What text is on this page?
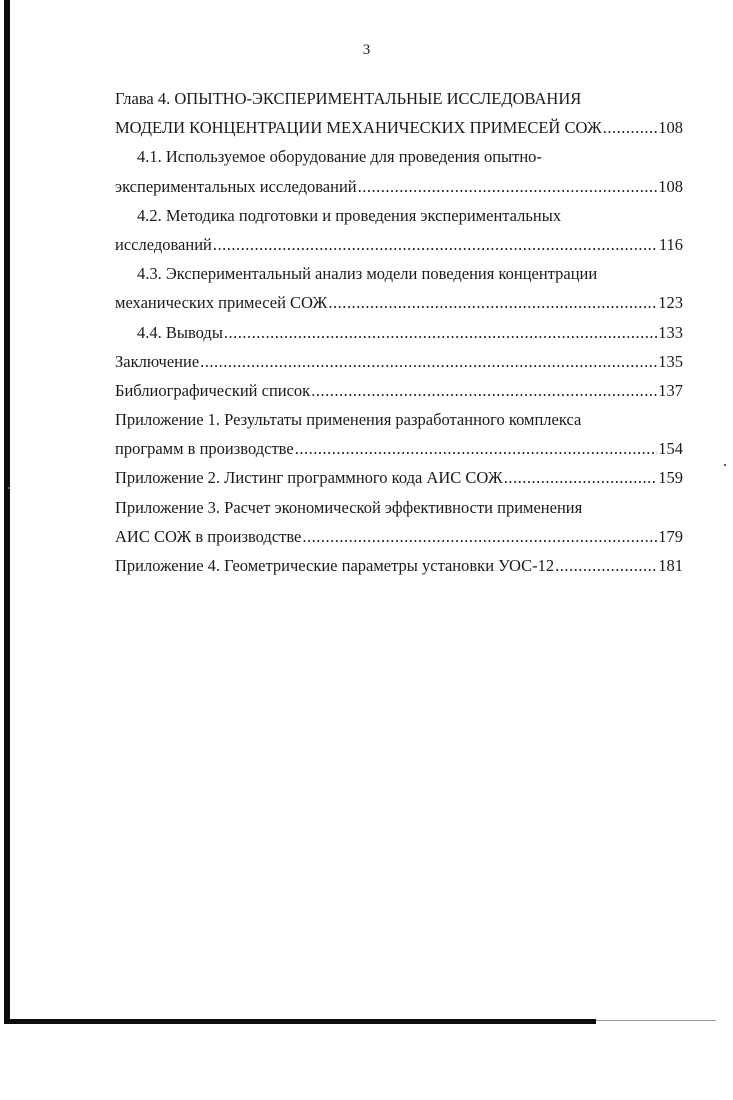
3
Глава 4. ОПЫТНО-ЭКСПЕРИМЕНТАЛЬНЫЕ ИССЛЕДОВАНИЯ
МОДЕЛИ КОНЦЕНТРАЦИИ МЕХАНИЧЕСКИХ ПРИМЕСЕЙ СОЖ .....	108
4.1. Используемое оборудование для проведения опытно-
экспериментальных исследований .....	108
4.2. Методика подготовки и проведения экспериментальных
исследований .....	116
4.3. Экспериментальный анализ модели поведения концентрации
механических примесей СОЖ .....	123
4.4. Выводы .....	133
Заключение .....	135
Библиографический список .....	137
Приложение 1. Результаты применения разработанного комплекса
программ в производстве .....	154
Приложение 2. Листинг программного кода АИС СОЖ .....	159
Приложение 3. Расчет экономической эффективности применения
АИС СОЖ в производстве .....	179
Приложение 4. Геометрические параметры установки УОС-12 .....	181
